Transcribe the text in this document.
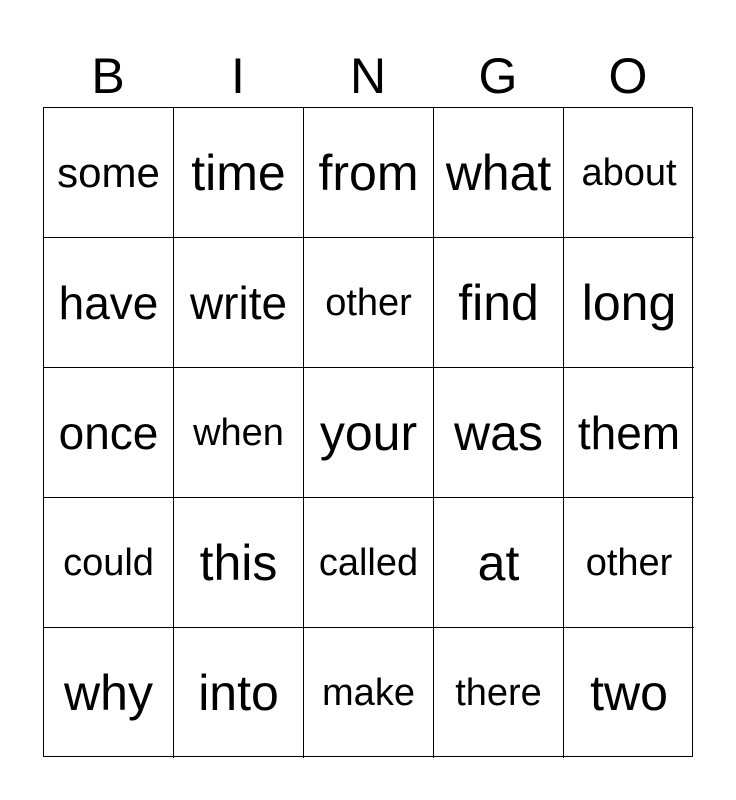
B	I	N	G	O
some time from what about
have write	other find long
once when your was them
could this	called	at	other
why into	make	there two
